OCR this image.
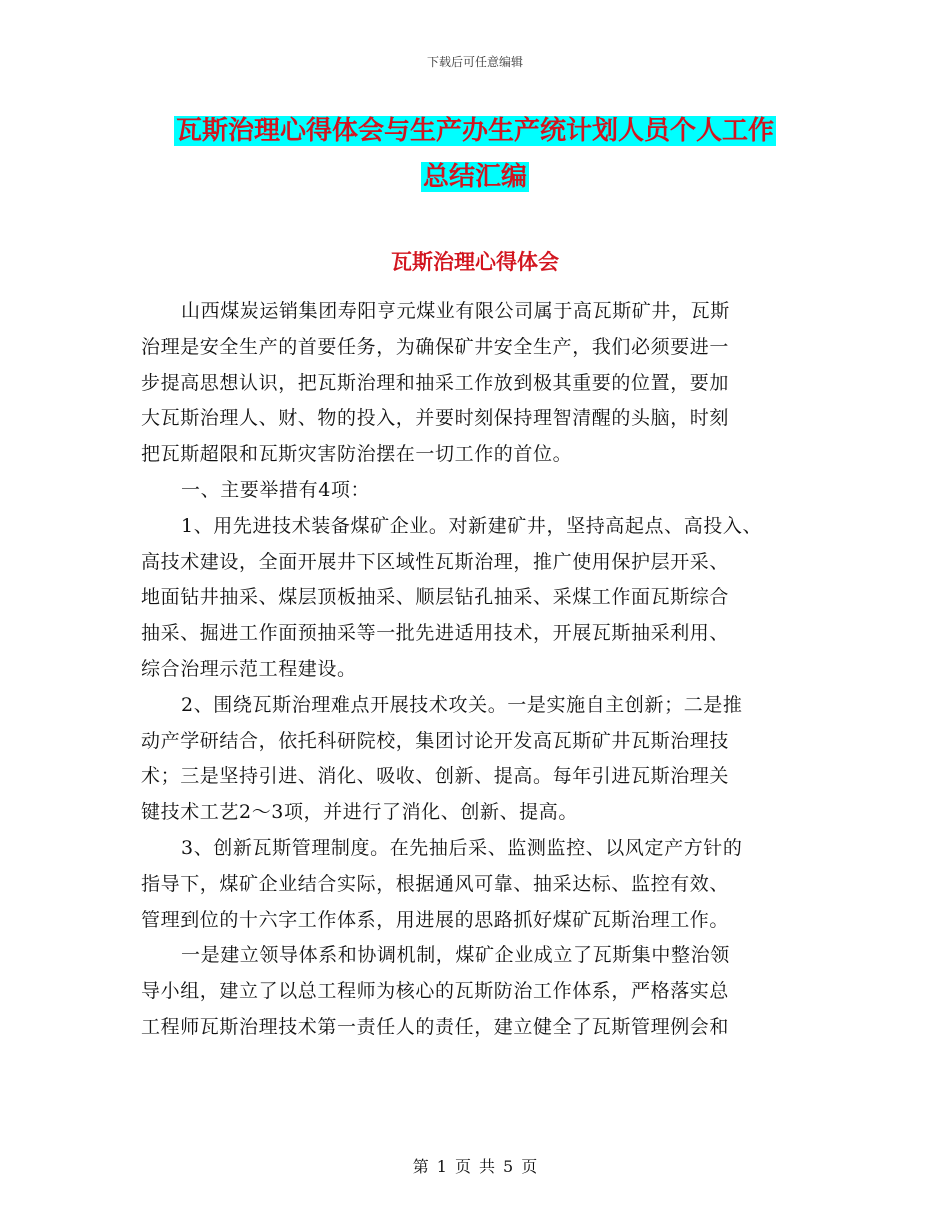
下载后可任意编辑
瓦斯治理心得体会与生产办生产统计划人员个人工作
总结汇编
瓦斯治理心得体会
山西煤炭运销集团寿阳亨元煤业有限公司属于高瓦斯矿井，瓦斯
治理是安全生产的首要任务，为确保矿井安全生产，我们必须要进一
步提高思想认识，把瓦斯治理和抽采工作放到极其重要的位置，要加
大瓦斯治理人、财、物的投入，并要时刻保持理智清醒的头脑，时刻
把瓦斯超限和瓦斯灾害防治摆在一切工作的首位。
一、主要举措有4项：
1、用先进技术装备煤矿企业。对新建矿井，坚持高起点、高投入、
高技术建设，全面开展井下区域性瓦斯治理，推广使用保护层开采、
地面钻井抽采、煤层顶板抽采、顺层钻孔抽采、采煤工作面瓦斯综合
抽采、掘进工作面预抽采等一批先进适用技术，开展瓦斯抽采利用、
综合治理示范工程建设。
2、围绕瓦斯治理难点开展技术攻关。一是实施自主创新；二是推
动产学研结合，依托科研院校，集团讨论开发高瓦斯矿井瓦斯治理技
术；三是坚持引进、消化、吸收、创新、提高。每年引进瓦斯治理关
键技术工艺2～3项，并进行了消化、创新、提高。
3、创新瓦斯管理制度。在先抽后采、监测监控、以风定产方针的
指导下，煤矿企业结合实际，根据通风可靠、抽采达标、监控有效、
管理到位的十六字工作体系，用进展的思路抓好煤矿瓦斯治理工作。
一是建立领导体系和协调机制，煤矿企业成立了瓦斯集中整治领
导小组，建立了以总工程师为核心的瓦斯防治工作体系，严格落实总
工程师瓦斯治理技术第一责任人的责任，建立健全了瓦斯管理例会和
第 1 页 共 5 页
